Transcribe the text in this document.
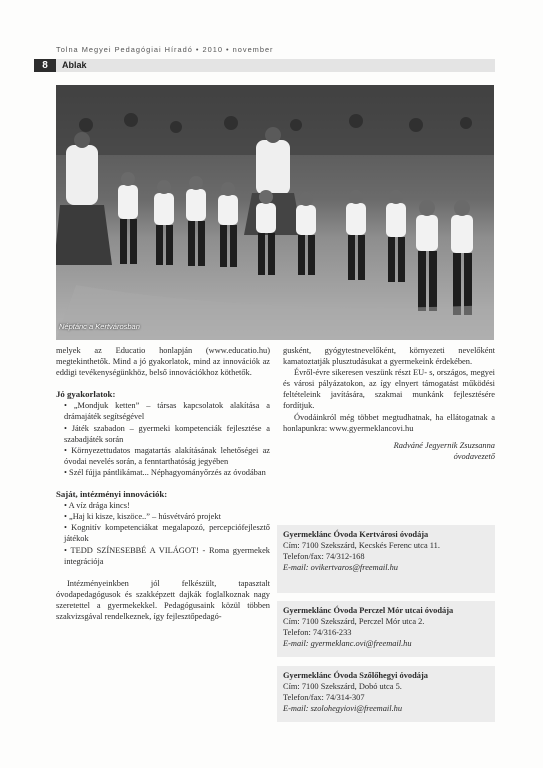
Tolna Megyei Pedagógiai Híradó • 2010 • november
8	Ablak
Néptánc a Kertvárosban

melyek az Educatio honlapján (www.educatio.hu) megtekinthetők. Mind a jó gyakorlatok, mind az innovációk az eddigi tevékenységünkhöz, belső innovációkhoz köthetők.

Jó gyakorlatok:

• „Mondjuk ketten” – társas kapcsolatok alakítása a drámajáték segítségével

• Játék szabadon – gyermeki kompetenciák fejlesztése a szabadjáték során

• Környezettudatos magatartás alakításának lehetőségei az óvodai nevelés során, a fenntarthatóság jegyében

• Szél fújja pántlikámat... Néphagyományőrzés az óvodában

Saját, intézményi innovációk:

• A víz drága kincs!

• „Haj ki kisze, kiszöce..” – húsvétváró projekt

• Kognitív kompetenciákat megalapozó, percepciófejlesztő játékok

• TEDD SZÍNESEBBÉ A VILÁGOT! - Roma gyermekek integrációja

Intézményeinkben jól felkészült, tapasztalt óvodapedagógusok és szakképzett dajkák foglalkoznak nagy szeretettel a gyermekekkel. Pedagógusaink közül többen szakvizsgával rendelkeznek, így fejlesztőpedagó-

gusként, gyógytestnevelőként, környezeti nevelőként kamatoztatják plusztudásukat a gyermekeink érdekében.

Évről-évre sikeresen veszünk részt EU- s, országos, megyei és városi pályázatokon, az így elnyert támogatást működési feltételeink javítására, szakmai munkánk fejlesztésére fordítjuk.

Óvodáinkról még többet megtudhatnak, ha ellátogatnak a honlapunkra: www.gyermeklancovi.hu

Radváné Jegyernik Zsuzsanna

óvodavezető

Gyermeklánc Óvoda Kertvárosi óvodája
Cím: 7100 Szekszárd, Kecskés Ferenc utca 11.
Telefon/fax: 74/312-168
E-mail: ovikertvaros@freemail.hu
Gyermeklánc Óvoda Perczel Mór utcai óvodája
Cím: 7100 Szekszárd, Perczel Mór utca 2.
Telefon: 74/316-233
E-mail: gyermeklanc.ovi@freemail.hu
Gyermeklánc Óvoda Szőlőhegyi óvodája
Cím: 7100 Szekszárd, Dobó utca 5.
Telefon/fax: 74/314-307
E-mail: szolohegyiovi@freemail.hu
